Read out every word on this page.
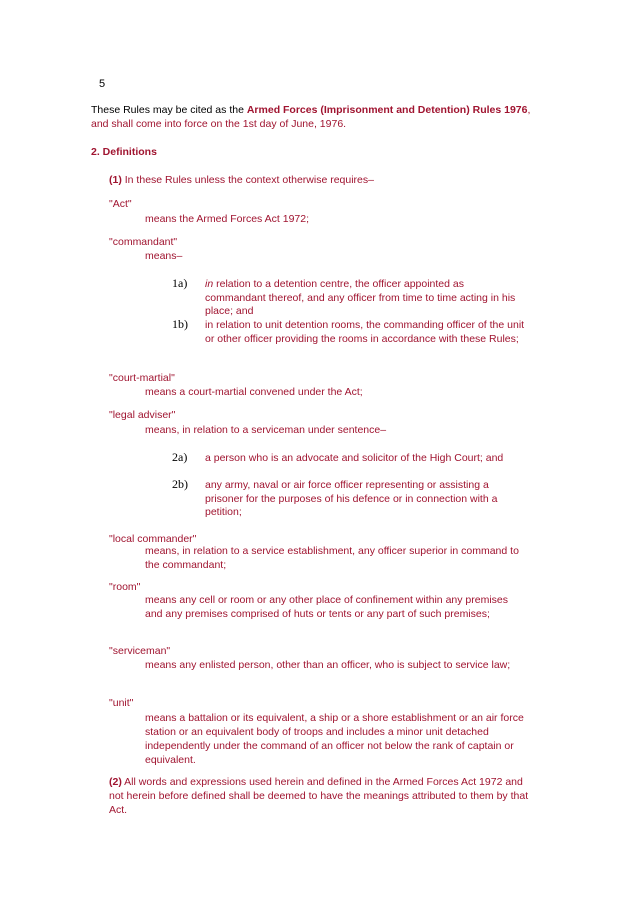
5
These Rules may be cited as the Armed Forces (Imprisonment and Detention) Rules 1976, and shall come into force on the 1st day of June, 1976.
2. Definitions
(1) In these Rules unless the context otherwise requires–
"Act"
means the Armed Forces Act 1972;
"commandant"
means–
1a) in relation to a detention centre, the officer appointed as commandant thereof, and any officer from time to time acting in his place; and
1b) in relation to unit detention rooms, the commanding officer of the unit or other officer providing the rooms in accordance with these Rules;
"court-martial"
means a court-martial convened under the Act;
"legal adviser"
means, in relation to a serviceman under sentence–
2a) a person who is an advocate and solicitor of the High Court; and
2b) any army, naval or air force officer representing or assisting a prisoner for the purposes of his defence or in connection with a petition;
"local commander"
means, in relation to a service establishment, any officer superior in command to the commandant;
"room"
means any cell or room or any other place of confinement within any premises and any premises comprised of huts or tents or any part of such premises;
"serviceman"
means any enlisted person, other than an officer, who is subject to service law;
"unit"
means a battalion or its equivalent, a ship or a shore establishment or an air force station or an equivalent body of troops and includes a minor unit detached independently under the command of an officer not below the rank of captain or equivalent.
(2) All words and expressions used herein and defined in the Armed Forces Act 1972 and not herein before defined shall be deemed to have the meanings attributed to them by that Act.
